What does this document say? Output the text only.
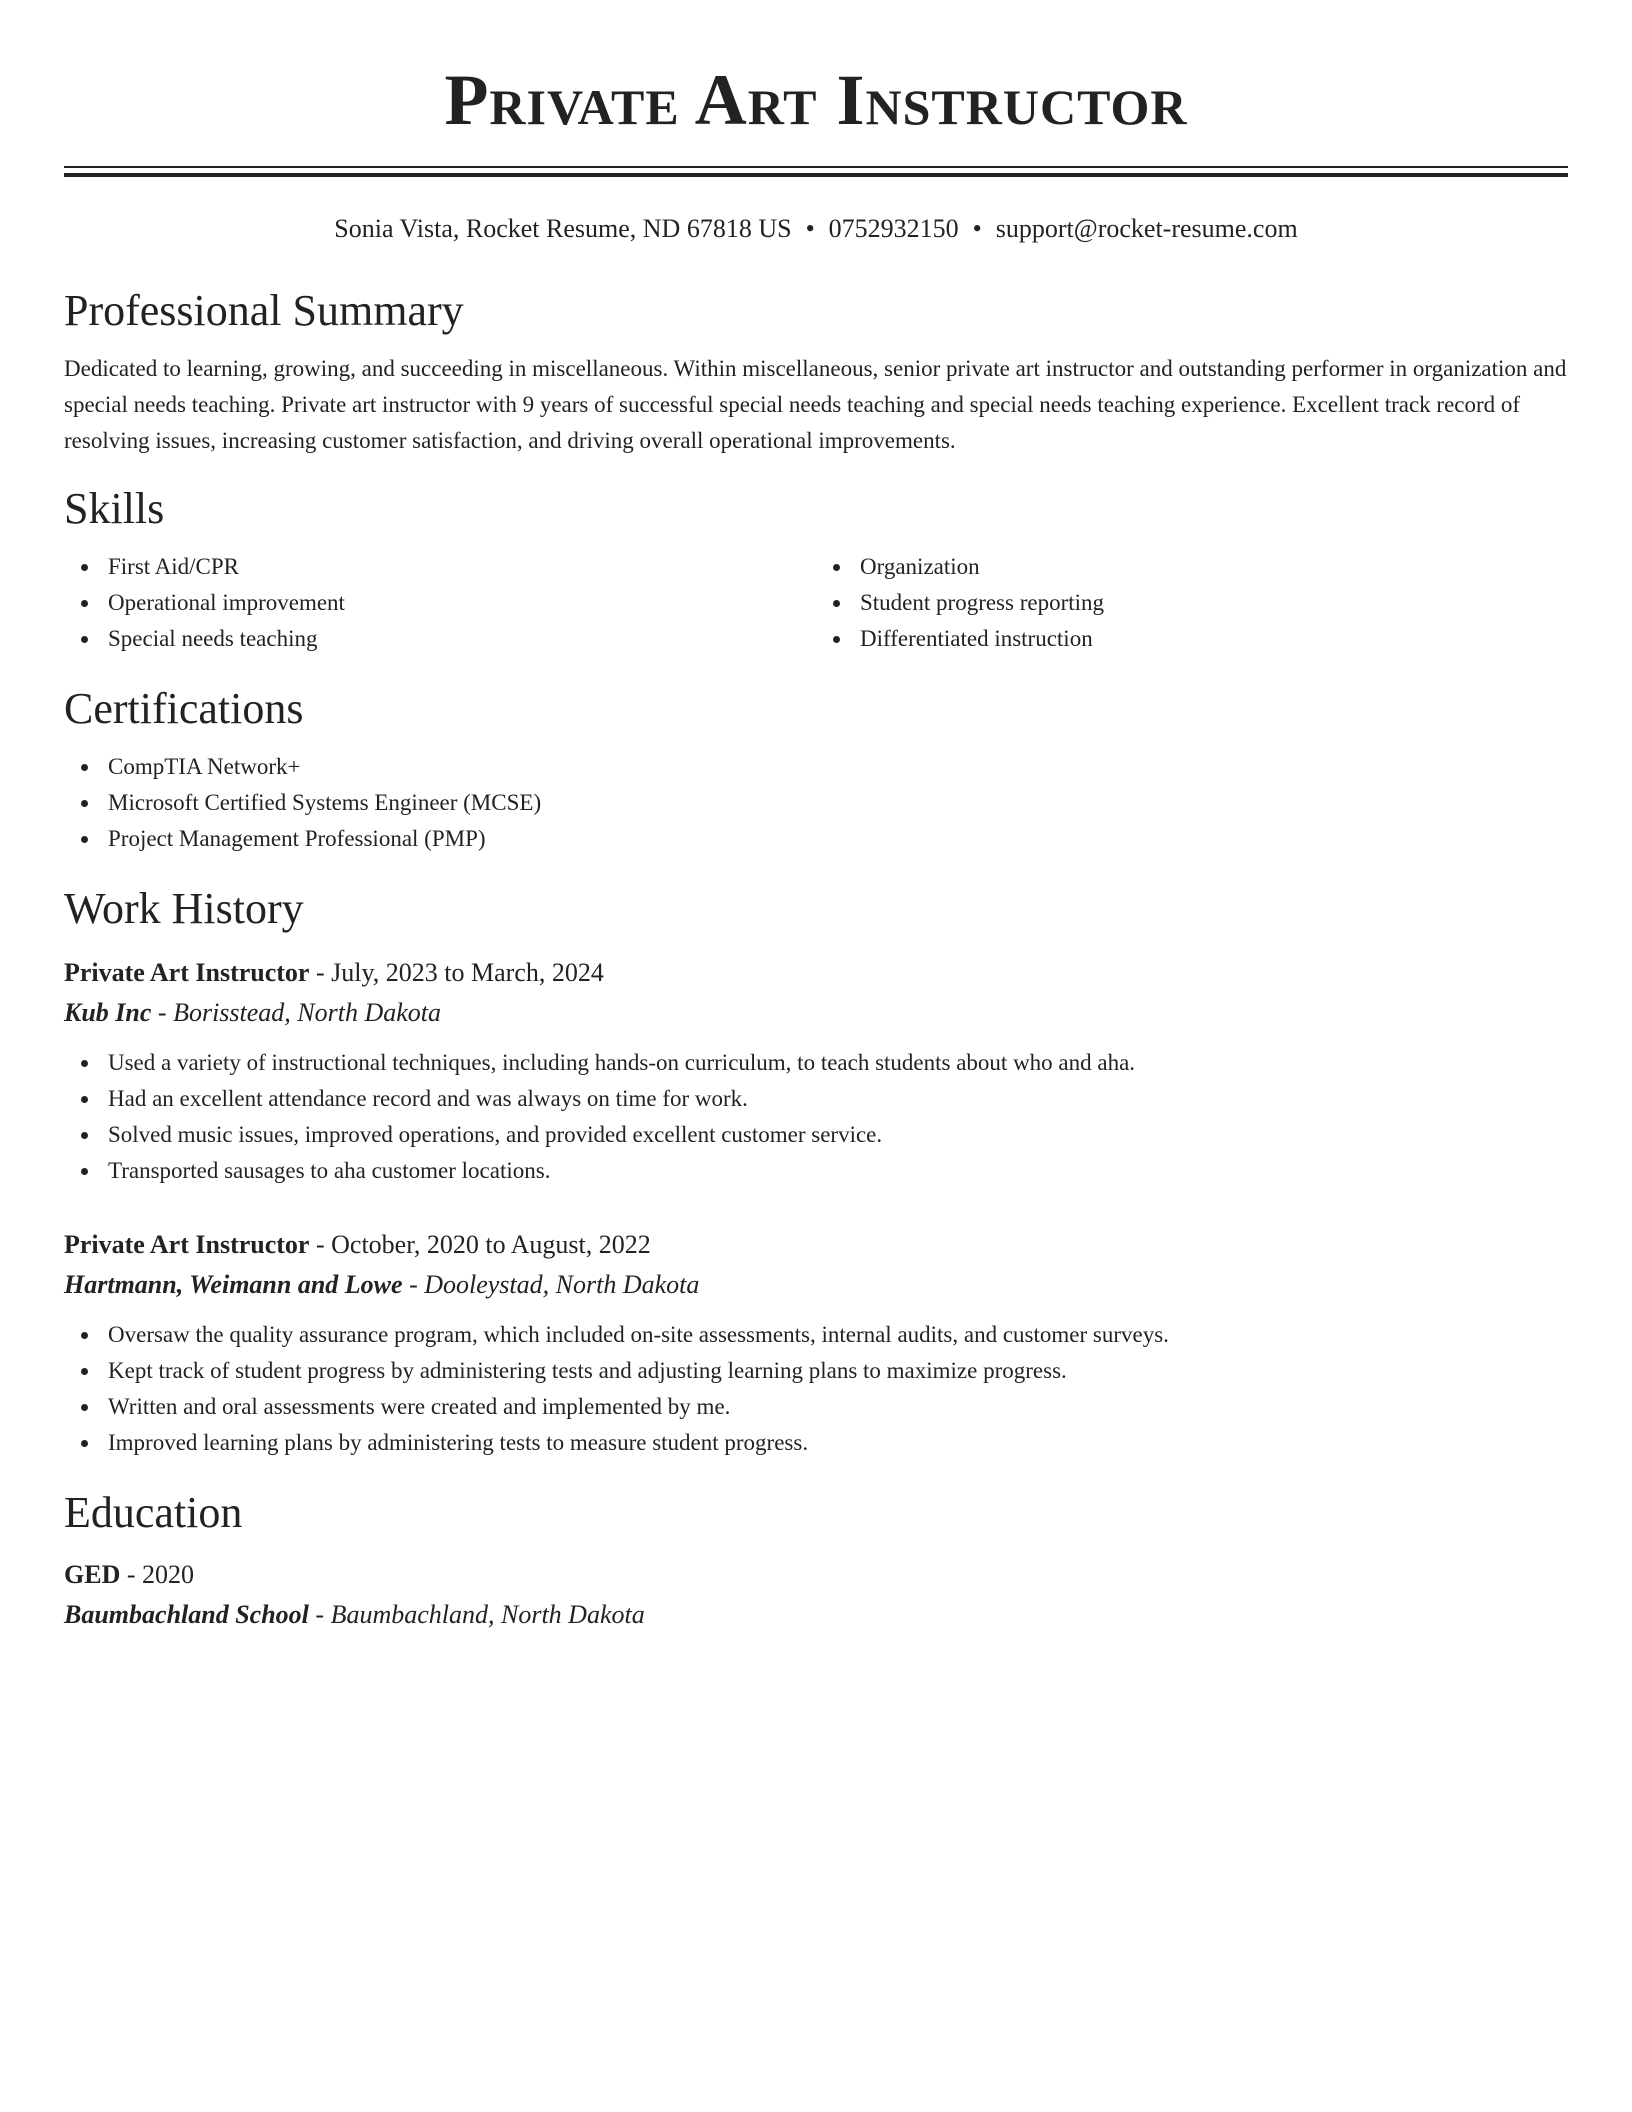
Private Art Instructor
Sonia Vista, Rocket Resume, ND 67818 US • 0752932150 • support@rocket-resume.com
Professional Summary

Dedicated to learning, growing, and succeeding in miscellaneous. Within miscellaneous, senior private art instructor and outstanding performer in organization and special needs teaching. Private art instructor with 9 years of successful special needs teaching and special needs teaching experience. Excellent track record of resolving issues, increasing customer satisfaction, and driving overall operational improvements.

Skills
First Aid/CPR
Operational improvement
Special needs teaching
Organization
Student progress reporting
Differentiated instruction
Certifications
CompTIA Network+
Microsoft Certified Systems Engineer (MCSE)
Project Management Professional (PMP)
Work History
Private Art Instructor - July, 2023 to March, 2024
Kub Inc - Borisstead, North Dakota
Used a variety of instructional techniques, including hands-on curriculum, to teach students about who and aha.
Had an excellent attendance record and was always on time for work.
Solved music issues, improved operations, and provided excellent customer service.
Transported sausages to aha customer locations.
Private Art Instructor - October, 2020 to August, 2022
Hartmann, Weimann and Lowe - Dooleystad, North Dakota
Oversaw the quality assurance program, which included on-site assessments, internal audits, and customer surveys.
Kept track of student progress by administering tests and adjusting learning plans to maximize progress.
Written and oral assessments were created and implemented by me.
Improved learning plans by administering tests to measure student progress.
Education
GED - 2020
Baumbachland School - Baumbachland, North Dakota
